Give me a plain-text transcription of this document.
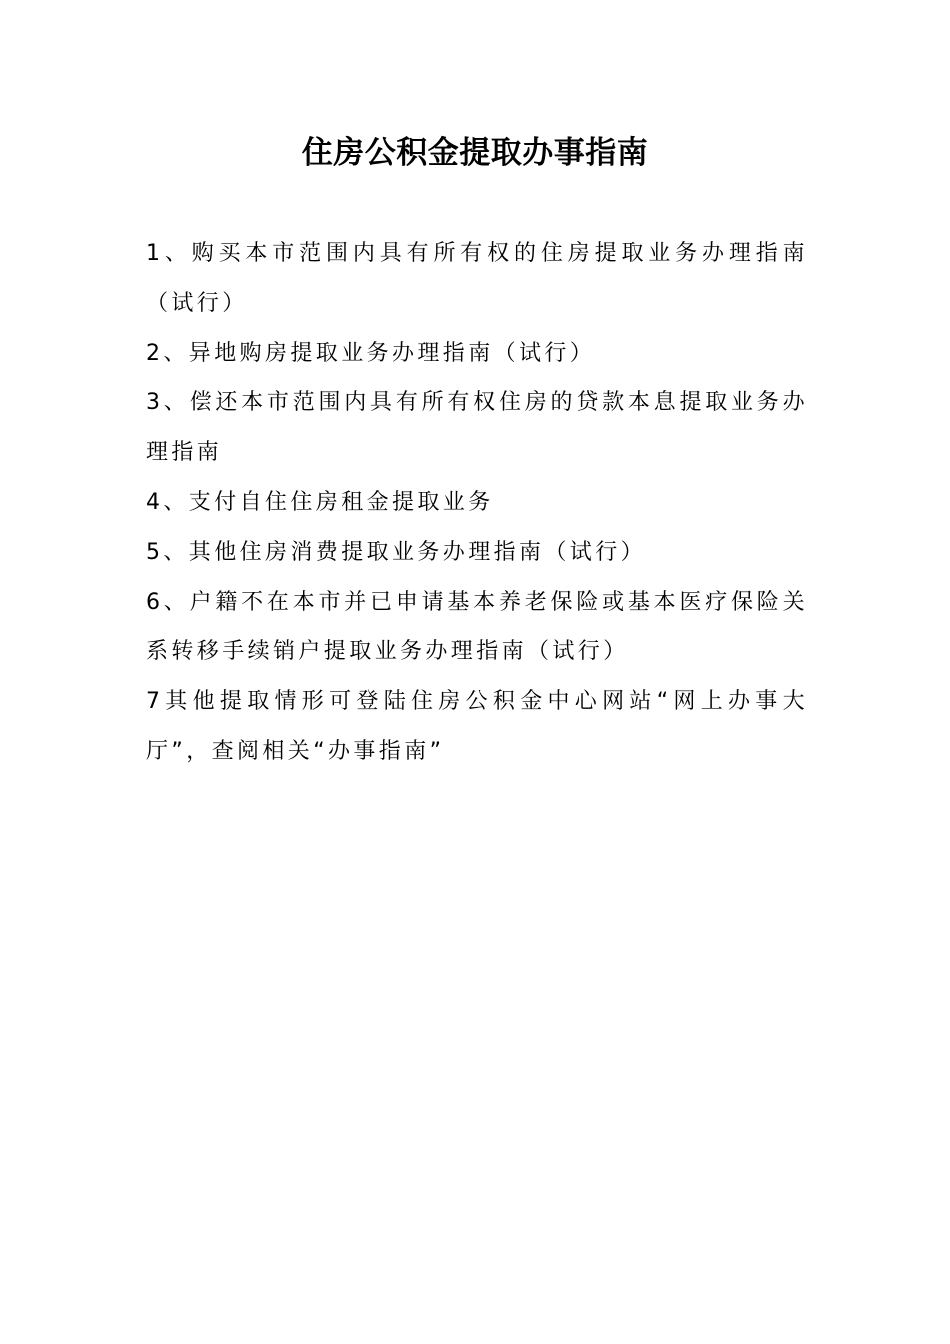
住房公积金提取办事指南
1、购买本市范围内具有所有权的住房提取业务办理指南（试行）
2、异地购房提取业务办理指南（试行）
3、偿还本市范围内具有所有权住房的贷款本息提取业务办理指南
4、支付自住住房租金提取业务
5、其他住房消费提取业务办理指南（试行）
6、户籍不在本市并已申请基本养老保险或基本医疗保险关系转移手续销户提取业务办理指南（试行）
7其他提取情形可登陆住房公积金中心网站“网上办事大厅”，查阅相关“办事指南”
